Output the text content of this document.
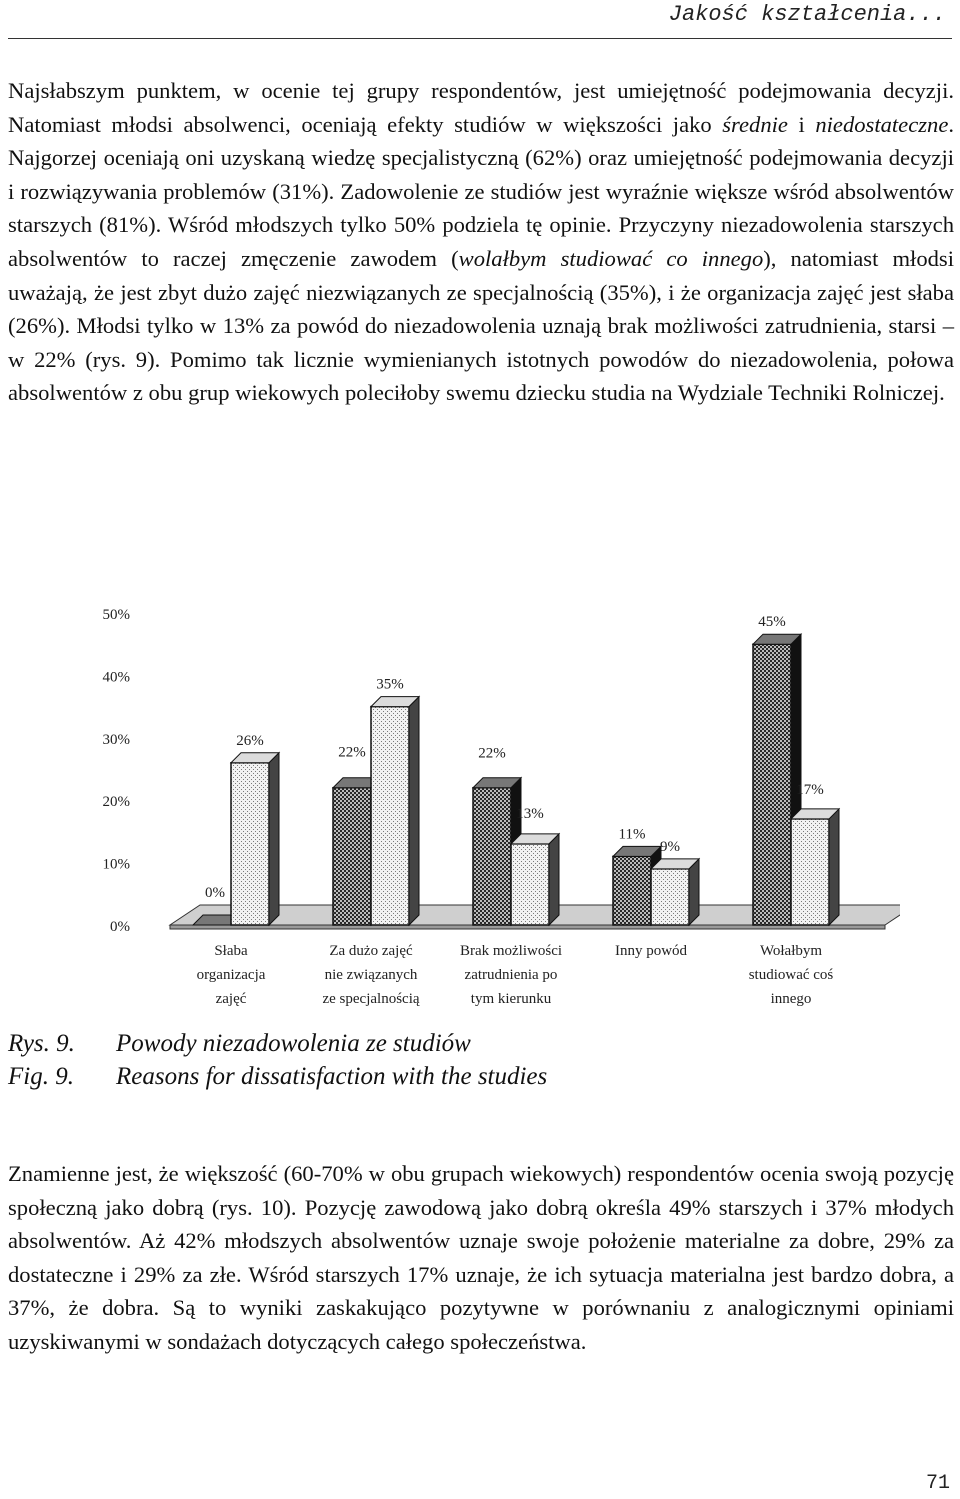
Jakość kształcenia...

Najsłabszym punktem, w ocenie tej grupy respondentów, jest umiejętność podejmowania decyzji. Natomiast młodsi absolwenci, oceniają efekty studiów w większości jako średnie i niedostateczne. Najgorzej oceniają oni uzyskaną wiedzę specjalistyczną (62%) oraz umiejętność podejmowania decyzji i rozwiązywania problemów (31%). Zadowolenie ze studiów jest wyraźnie większe wśród absolwentów starszych (81%). Wśród młodszych tylko 50% podziela tę opinie. Przyczyny niezadowolenia starszych absolwentów to raczej zmęczenie zawodem (wolałbym studiować co innego), natomiast młodsi uważają, że jest zbyt dużo zajęć niezwiązanych ze specjalnością (35%), i że organizacja zajęć jest słaba (26%). Młodsi tylko w 13% za powód do niezadowolenia uznają brak możliwości zatrudnienia, starsi – w 22% (rys. 9). Pomimo tak licznie wymienianych istotnych powodów do niezadowolenia, połowa absolwentów z obu grup wiekowych poleciłoby swemu dziecku studia na Wydziale Techniki Rolniczej.

0%
10%
20%
30%
40%
50%
26%
0%
Słaba
organizacja
zajęć
22%
35%
Za dużo zajęć
nie związanych
ze specjalnością
22%
13%
Brak możliwości
zatrudnienia po
tym kierunku
11%
9%
Inny powód
45%
17%
Wołałbym
studiować coś
innego
Rys. 9. Powody niezadowolenia ze studiów
Fig. 9. Reasons for dissatisfaction with the studies

Znamienne jest, że większość (60-70% w obu grupach wiekowych) respondentów ocenia swoją pozycję społeczną jako dobrą (rys. 10). Pozycję zawodową jako dobrą określa 49% starszych i 37% młodych absolwentów. Aż 42% młodszych absolwentów uznaje swoje położenie materialne za dobre, 29% za dostateczne i 29% za złe. Wśród starszych 17% uznaje, że ich sytuacja materialna jest bardzo dobra, a 37%, że dobra. Są to wyniki zaskakująco pozytywne w porównaniu z analogicznymi opiniami uzyskiwanymi w sondażach dotyczących całego społeczeństwa.

71
